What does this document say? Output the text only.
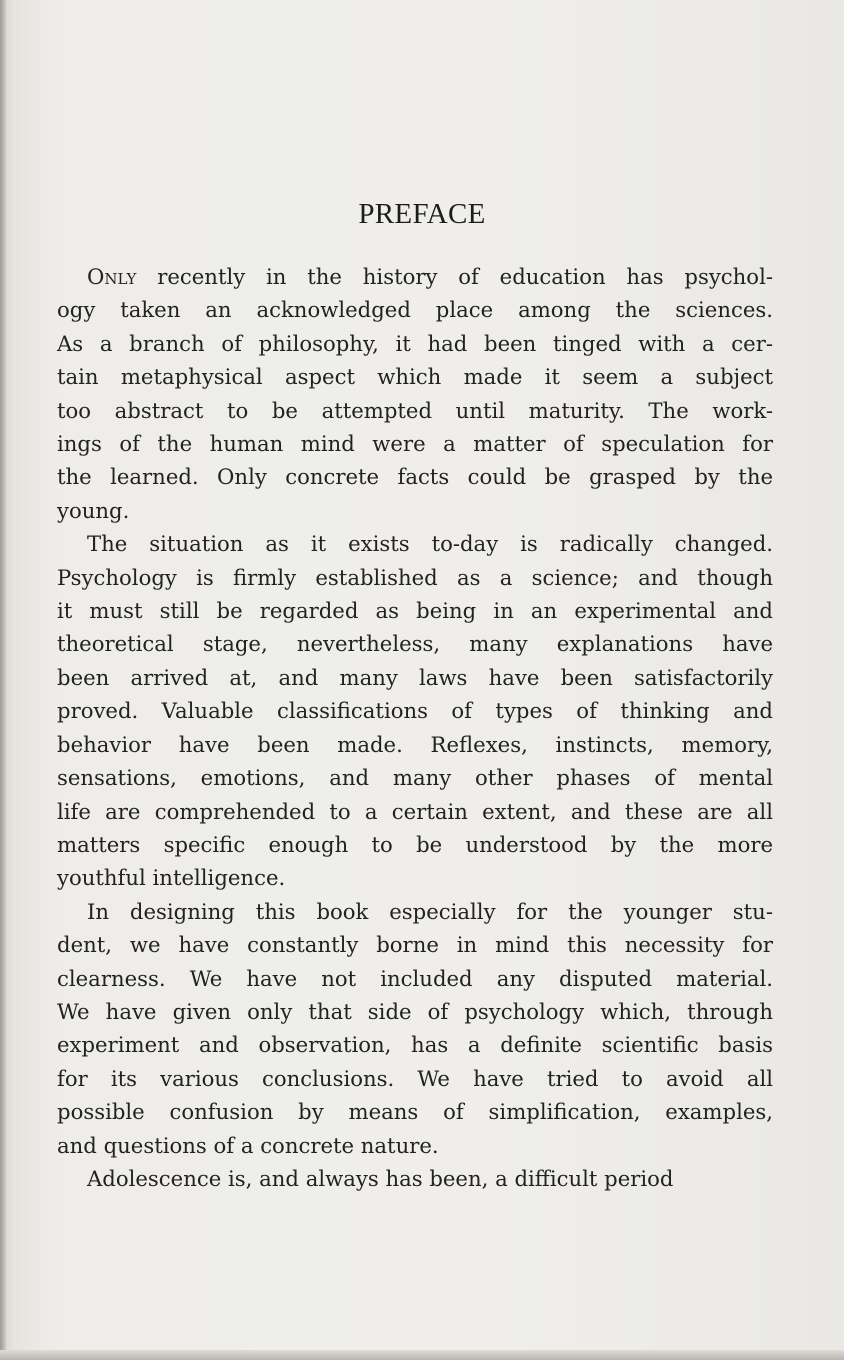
PREFACE
Only recently in the history of education has psychol-
ogy taken an acknowledged place among the sciences.
As a branch of philosophy, it had been tinged with a cer-
tain metaphysical aspect which made it seem a subject
too abstract to be attempted until maturity. The work-
ings of the human mind were a matter of speculation for
the learned. Only concrete facts could be grasped by the
young.
The situation as it exists to-day is radically changed.
Psychology is firmly established as a science; and though
it must still be regarded as being in an experimental and
theoretical stage, nevertheless, many explanations have
been arrived at, and many laws have been satisfactorily
proved. Valuable classifications of types of thinking and
behavior have been made. Reflexes, instincts, memory,
sensations, emotions, and many other phases of mental
life are comprehended to a certain extent, and these are all
matters specific enough to be understood by the more
youthful intelligence.
In designing this book especially for the younger stu-
dent, we have constantly borne in mind this necessity for
clearness. We have not included any disputed material.
We have given only that side of psychology which, through
experiment and observation, has a definite scientific basis
for its various conclusions. We have tried to avoid all
possible confusion by means of simplification, examples,
and questions of a concrete nature.
Adolescence is, and always has been, a difficult period
